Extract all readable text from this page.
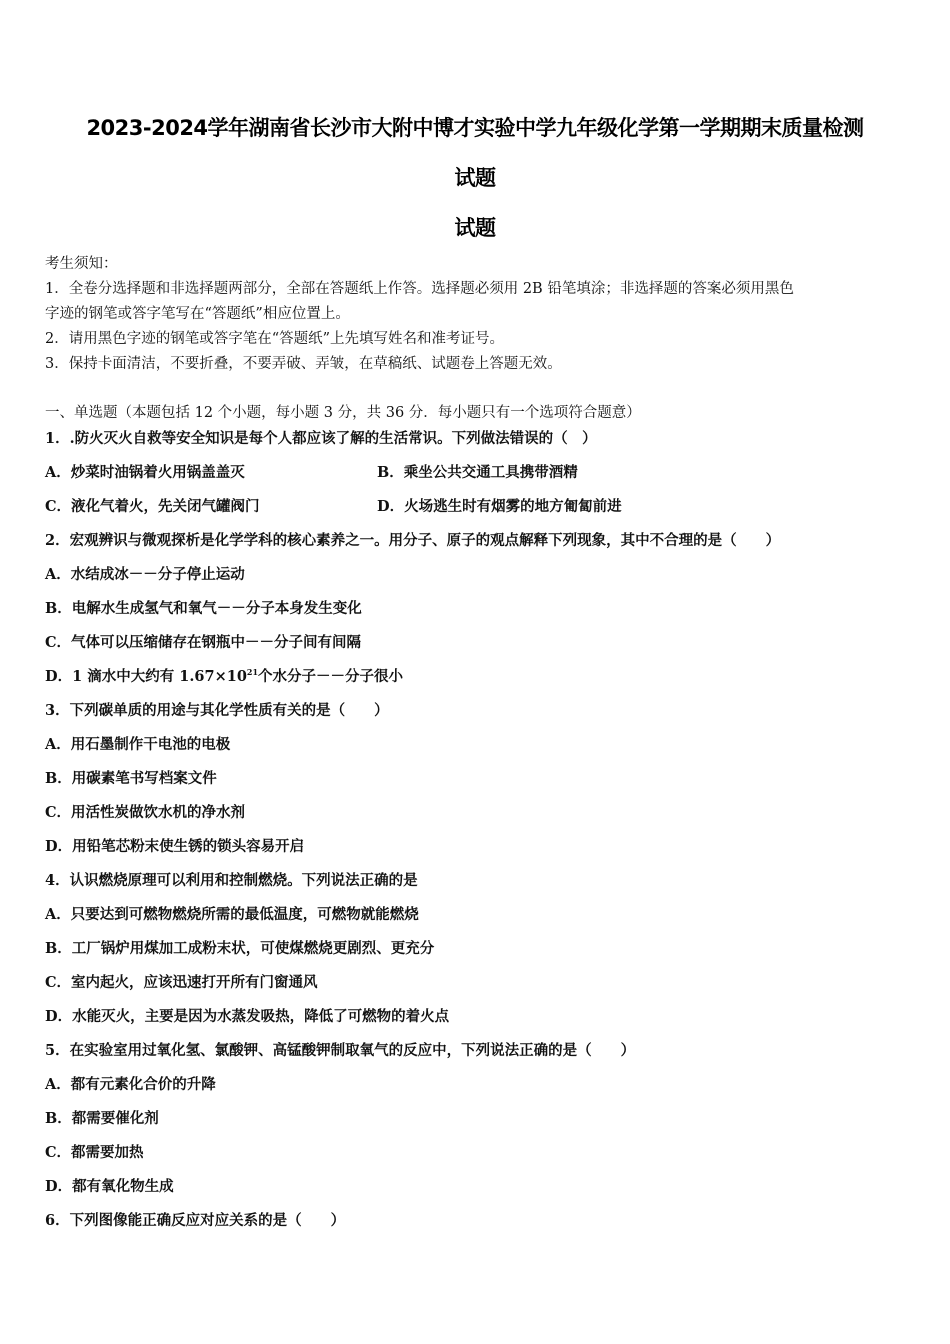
2023-2024学年湖南省长沙市大附中博才实验中学九年级化学第一学期期末质量检测
试题
试题
考生须知：
1．全卷分选择题和非选择题两部分，全部在答题纸上作答。选择题必须用 2B 铅笔填涂；非选择题的答案必须用黑色
字迹的钢笔或答字笔写在“答题纸”相应位置上。
2．请用黑色字迹的钢笔或答字笔在“答题纸”上先填写姓名和准考证号。
3．保持卡面清洁，不要折叠，不要弄破、弄皱，在草稿纸、试题卷上答题无效。
一、单选题（本题包括 12 个小题，每小题 3 分，共 36 分．每小题只有一个选项符合题意）
1．.防火灭火自救等安全知识是每个人都应该了解的生活常识。下列做法错误的（　）
A．炒菜时油锅着火用锅盖盖灭	B．乘坐公共交通工具携带酒精
C．液化气着火，先关闭气罐阀门	D．火场逃生时有烟雾的地方匍匐前进
2．宏观辨识与微观探析是化学学科的核心素养之一。用分子、原子的观点解释下列现象，其中不合理的是（　　）
A．水结成冰－－分子停止运动
B．电解水生成氢气和氧气－－分子本身发生变化
C．气体可以压缩储存在钢瓶中－－分子间有间隔
D．1 滴水中大约有 $1.67\times 10^{21}$个水分子－－分子很小
3．下列碳单质的用途与其化学性质有关的是（　　）
A．用石墨制作干电池的电极
B．用碳素笔书写档案文件
C．用活性炭做饮水机的净水剂
D．用铅笔芯粉末使生锈的锁头容易开启
4．认识燃烧原理可以利用和控制燃烧。下列说法正确的是
A．只要达到可燃物燃烧所需的最低温度，可燃物就能燃烧
B．工厂锅炉用煤加工成粉末状，可使煤燃烧更剧烈、更充分
C．室内起火，应该迅速打开所有门窗通风
D．水能灭火，主要是因为水蒸发吸热，降低了可燃物的着火点
5．在实验室用过氧化氢、氯酸钾、高锰酸钾制取氧气的反应中，下列说法正确的是（　　）
A．都有元素化合价的升降
B．都需要催化剂
C．都需要加热
D．都有氧化物生成
6．下列图像能正确反应对应关系的是（　　）
